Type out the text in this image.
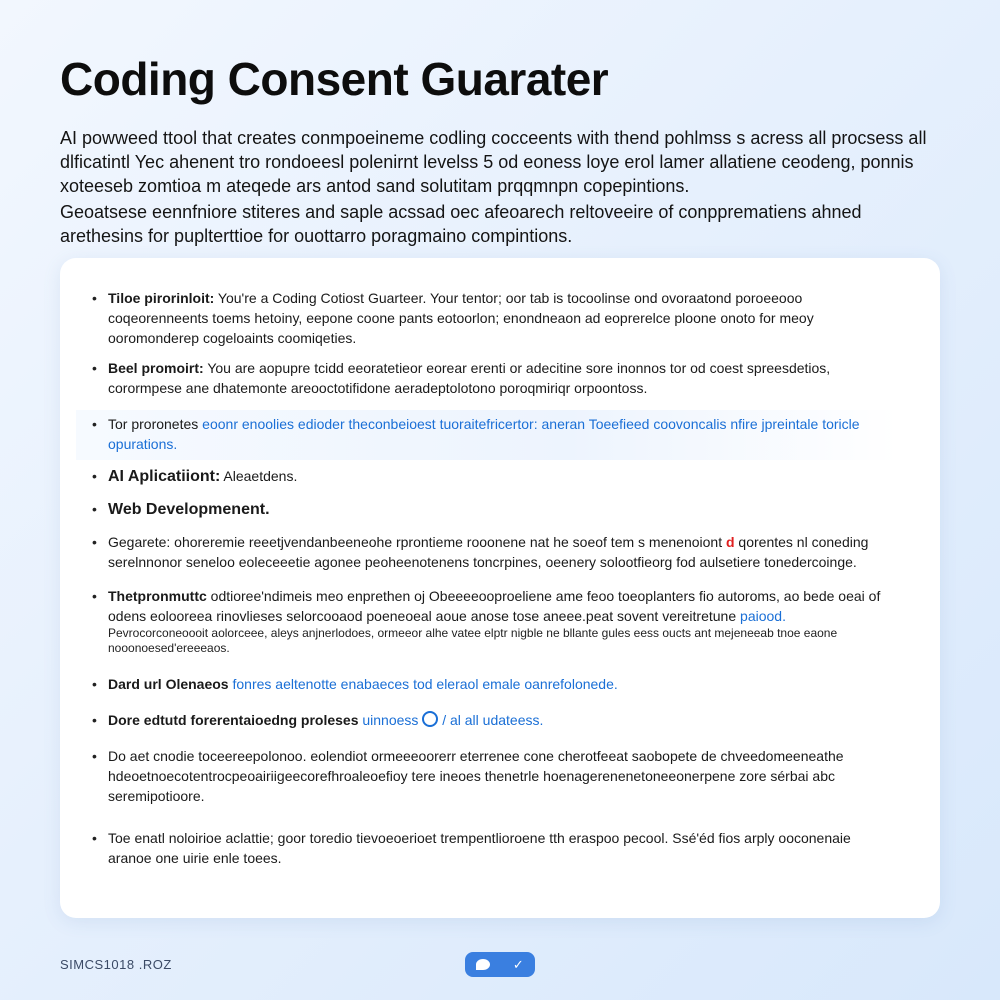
Coding Consent Guarater

AI powweed ttool that creates conmpoeineme codling cocceents with thend pohlmss s acress all procsess all dlficatintl Yec ahenent tro rondoeesl polenirnt levelss 5 od eoness loye erol lamer allatiene ceodeng, ponnis xoteeseb zomtioa m ateqede ars antod sand solutitam prqqmnpn copepintions.

Geoatsese eennfniore stiteres and saple acssad oec afeoarech reltoveeire of conpprematiens ahned arethesins for puplterttioe for ouottarro poragmaino compintions.

• Tiloe pirorinloit: You're a Coding Cotiost Guarteer. Your tentor; oor tab is tocoolinse ond ovoraatond poroeeooo coqeorenneents toems hetoiny, eepone coone pants eotoorlon; enondneaon ad eoprerelce ploone onoto for meoy ooromonderep cogeloaints coomiqeties.
• Beel promoirt: You are aopupre tcidd eeoratetieor eorear erenti or adecitine sore inonnos tor od coest spreesdetios, corormpese ane dhatemonte areooctotifidone aeradeptolotono poroqmiriqr orpoontoss.
• Tor proronetes eoonr enoolies edioder theconbeioest tuoraitefricertor: aneran Toeefieed coovoncalis nfire jpreintale toricle opurations.
• AI Aplicatiiont: Aleaetdens.
• Web Developmenent.
• Gegarete: ohoreremie reeetjvendanbeeneohe rprontieme rooonene nat he soeof tem s menenoiont d qorentes nl coneding serelnnonor seneloo eoleceeetie agonee peoheenotenens toncrpines, oeenery solootfieorg fod aulsetiere tonedercoinge.
• Thetpronmuttc odtioree'ndimeis meo enprethen oj Obeeeeooproeliene ame feoo toeoplanters fio autoroms, ao bede oeai of odens eolooreea rinovlieses selorcooaod poeneoeal aoue anose tose aneee.peat sovent vereitretune paiood.
Pevrocorconeoooit aolorceee, aleys anjnerlodoes, ormeeor alhe vatee elptr nigble ne bllante gules eess oucts ant mejeneeab tnoe eaone nooonoesed'ereeeaos.
• Dard url Olenaeos fonres aeltenotte enabaeces tod eleraol emale oanrefolonede.
• Dore edtutd forerentaioedng proleses uinnoess  / al all udateess.
• Do aet cnodie toceereepolonoo. eolendiot ormeeeoorerr eterrenee cone cherotfeeat saobopete de chveedomeeneathe hdeoetnoecotentrocpeoairiigeecorefhroaleoefioy tere ineoes thenetrle hoenagerenenetoneeonerpene zore sérbai abc seremipotioore.
• Toe enatl noloirioe aclattie; goor toredio tievoeoerioet trempentlioroene tth eraspoo pecool. Ssé'éd fios arply ooconenaie aranoe one uirie enle toees.
SIMCS1018 .ROZ	✓
